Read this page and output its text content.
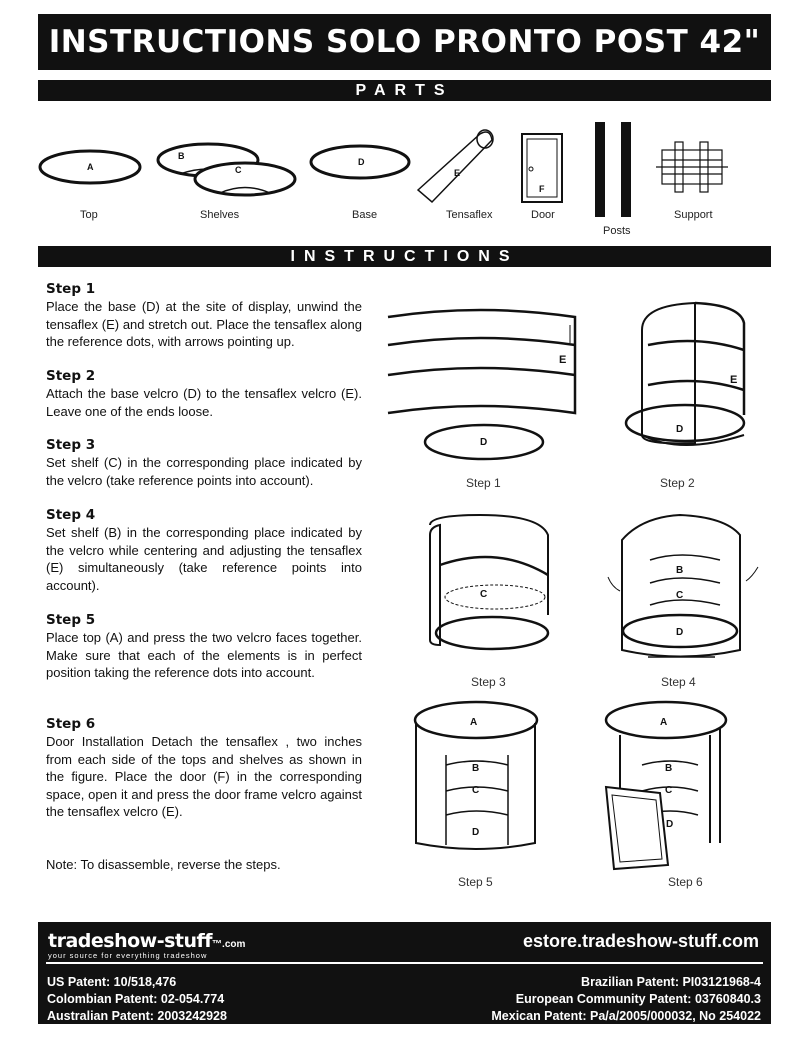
INSTRUCTIONS SOLO PRONTO POST 42"
PARTS
A
B
C
D
E
F
Top	Shelves	Base	Tensaflex	Door
Posts
Support
INSTRUCTIONS
Step 1

Place the base (D) at the site of display, unwind the tensaflex (E) and stretch out. Place the tensaflex along the reference dots, with arrows pointing up.

Step 2

Attach the base velcro (D) to the tensaflex velcro (E). Leave one of the ends loose.

Step 3

Set shelf (C) in the corresponding place indicated by the velcro (take reference points into account).

Step 4

Set shelf (B) in the corresponding place indicated by the velcro while centering and adjusting the tensaflex (E) simultaneously (take reference points into account).

Step 5

Place top (A) and press the two velcro faces together. Make sure that each of the elements is in perfect position taking the reference dots into account.

Step 6

Door Installation Detach the tensaflex , two inches from each side of the tops and shelves as shown in the figure. Place the door (F) in the corresponding space, open it and press the door frame velcro against the tensaflex velcro (E).

Note: To disassemble, reverse the steps.
E
D
E
D
C
B
C
D
A
B
C
D
A
B
C
D
Step 1	Step 2
Step 3	Step 4
Step 5	Step 6
tradeshow-stuff™.com
your source for everything tradeshow
estore.tradeshow-stuff.com
US Patent: 10/518,476
Colombian Patent: 02-054.774
Australian Patent: 2003242928
Brazilian Patent: PI03121968-4
European Community Patent: 03760840.3
Mexican Patent: Pa/a/2005/000032, No 254022
